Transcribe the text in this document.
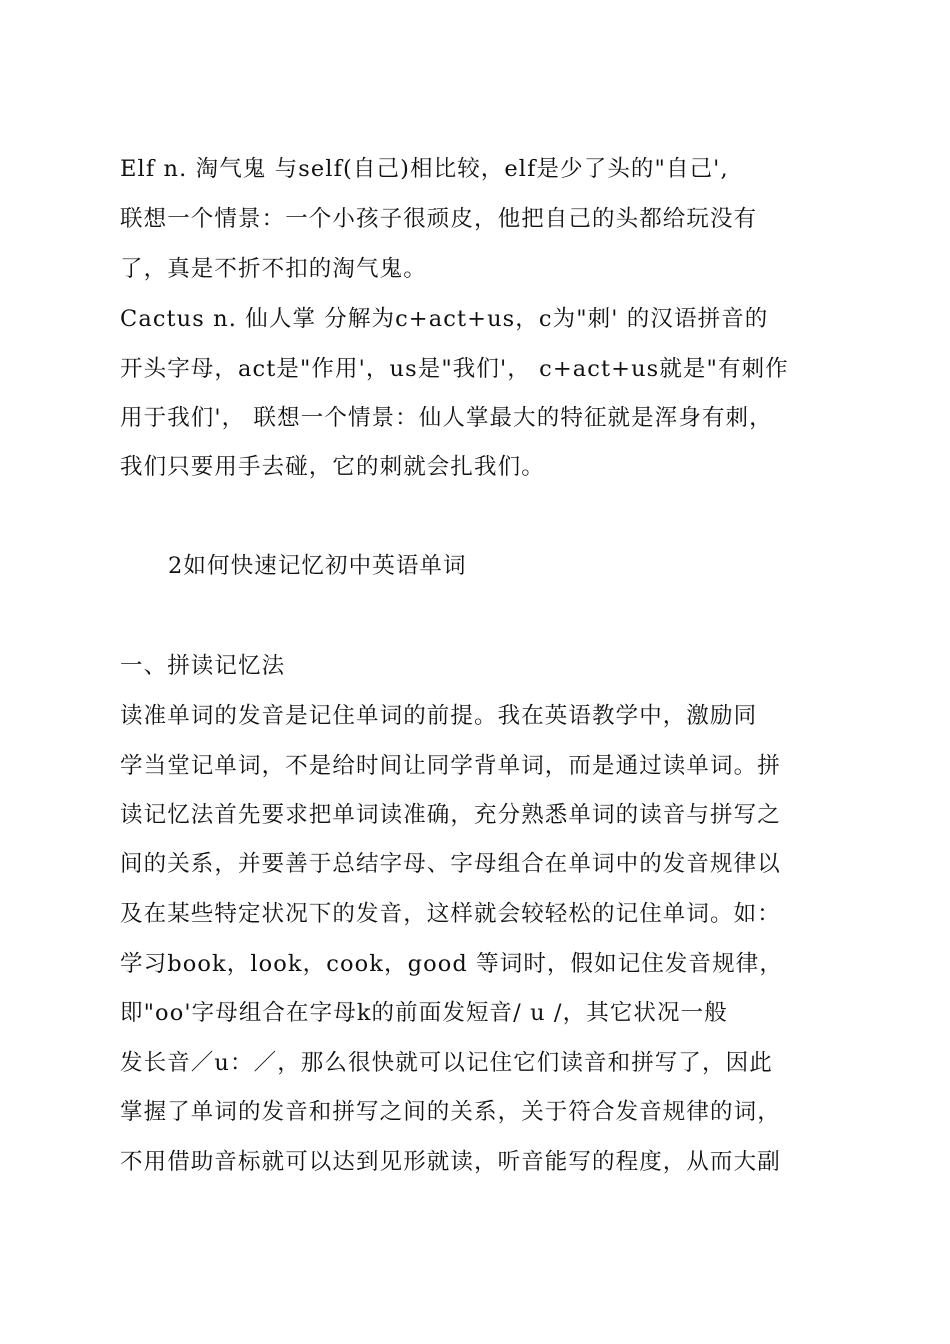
Elf n. 淘气鬼 与self(自己)相比较，elf是少了头的"自己',

联想一个情景：一个小孩子很顽皮，他把自己的头都给玩没有

了，真是不折不扣的淘气鬼。

Cactus n. 仙人掌 分解为c+act+us，c为"刺' 的汉语拼音的

开头字母，act是"作用'，us是"我们'， c+act+us就是"有刺作

用于我们'， 联想一个情景：仙人掌最大的特征就是浑身有刺，

我们只要用手去碰，它的刺就会扎我们。

2如何快速记忆初中英语单词

一、拼读记忆法

读准单词的发音是记住单词的前提。我在英语教学中，激励同

学当堂记单词，不是给时间让同学背单词，而是通过读单词。拼

读记忆法首先要求把单词读准确，充分熟悉单词的读音与拼写之

间的关系，并要善于总结字母、字母组合在单词中的发音规律以

及在某些特定状况下的发音，这样就会较轻松的记住单词。如：

学习book，look，cook，good 等词时，假如记住发音规律，

即"oo'字母组合在字母k的前面发短音/ u /，其它状况一般

发长音／u：／，那么很快就可以记住它们读音和拼写了，因此

掌握了单词的发音和拼写之间的关系，关于符合发音规律的词，

不用借助音标就可以达到见形就读，听音能写的程度，从而大副
